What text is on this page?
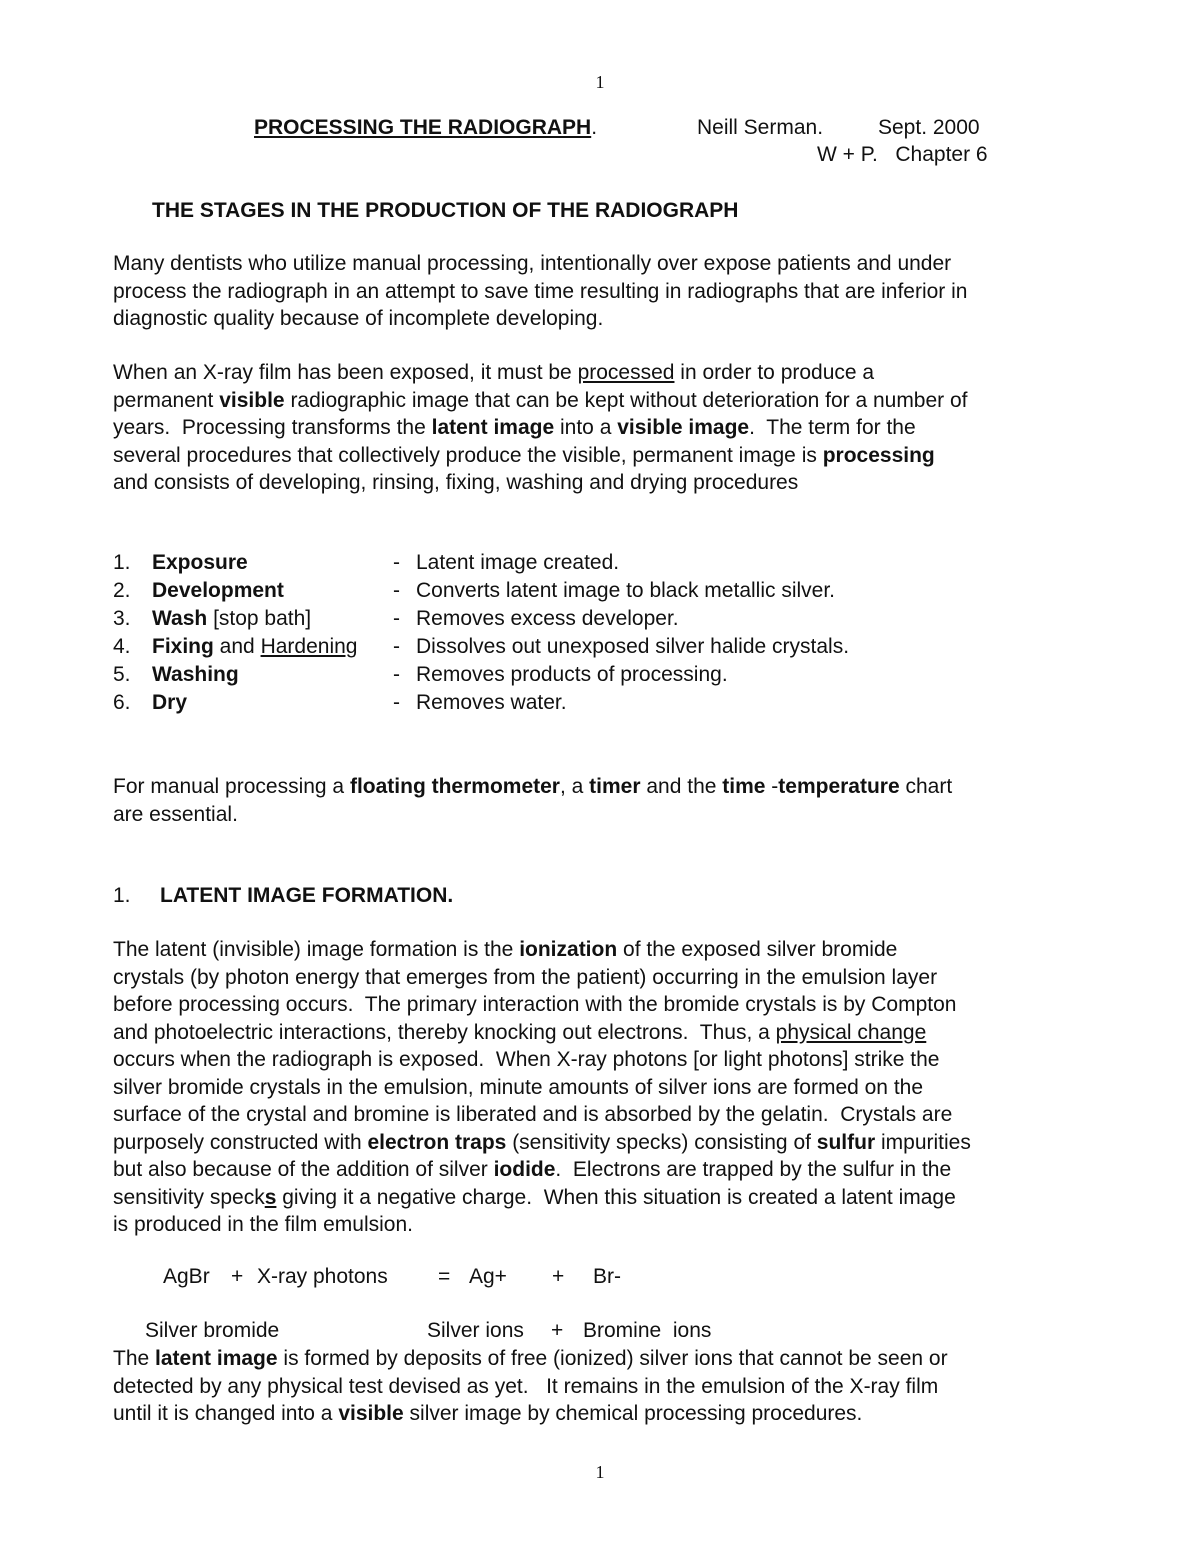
1
PROCESSING THE RADIOGRAPH.	Neill Serman.	Sept. 2000
W + P.   Chapter 6
THE STAGES IN THE PRODUCTION OF THE RADIOGRAPH

Many dentists who utilize manual processing, intentionally over expose patients and under

process the radiograph in an attempt to save time resulting in radiographs that are inferior in

diagnostic quality because of incomplete developing.

When an X-ray film has been exposed, it must be processed in order to produce a

permanent visible radiographic image that can be kept without deterioration for a number of

years.  Processing transforms the latent image into a visible image.  The term for the

several procedures that collectively produce the visible, permanent image is processing

and consists of developing, rinsing, fixing, washing and drying procedures

1. Exposure	- Latent image created.
2. Development	- Converts latent image to black metallic silver.
3. Wash [stop bath]	- Removes excess developer.
4. Fixing and Hardening - Dissolves out unexposed silver halide crystals.
5. Washing	- Removes products of processing.
6. Dry	- Removes water.

For manual processing a floating thermometer, a timer and the time -temperature chart

are essential.

1. LATENT IMAGE FORMATION.

The latent (invisible) image formation is the ionization of the exposed silver bromide

crystals (by photon energy that emerges from the patient) occurring in the emulsion layer

before processing occurs.  The primary interaction with the bromide crystals is by Compton

and photoelectric interactions, thereby knocking out electrons.  Thus, a physical change

occurs when the radiograph is exposed.  When X-ray photons [or light photons] strike the

silver bromide crystals in the emulsion, minute amounts of silver ions are formed on the

surface of the crystal and bromine is liberated and is absorbed by the gelatin.  Crystals are

purposely constructed with electron traps (sensitivity specks) consisting of sulfur impurities

but also because of the addition of silver iodide.  Electrons are trapped by the sulfur in the

sensitivity specks giving it a negative charge.  When this situation is created a latent image

is produced in the film emulsion.

AgBr + X-ray photons = Ag+ + Br-
Silver bromide	Silver ions + Bromine  ions

The latent image is formed by deposits of free (ionized) silver ions that cannot be seen or

detected by any physical test devised as yet.   It remains in the emulsion of the X-ray film

until it is changed into a visible silver image by chemical processing procedures.

1
